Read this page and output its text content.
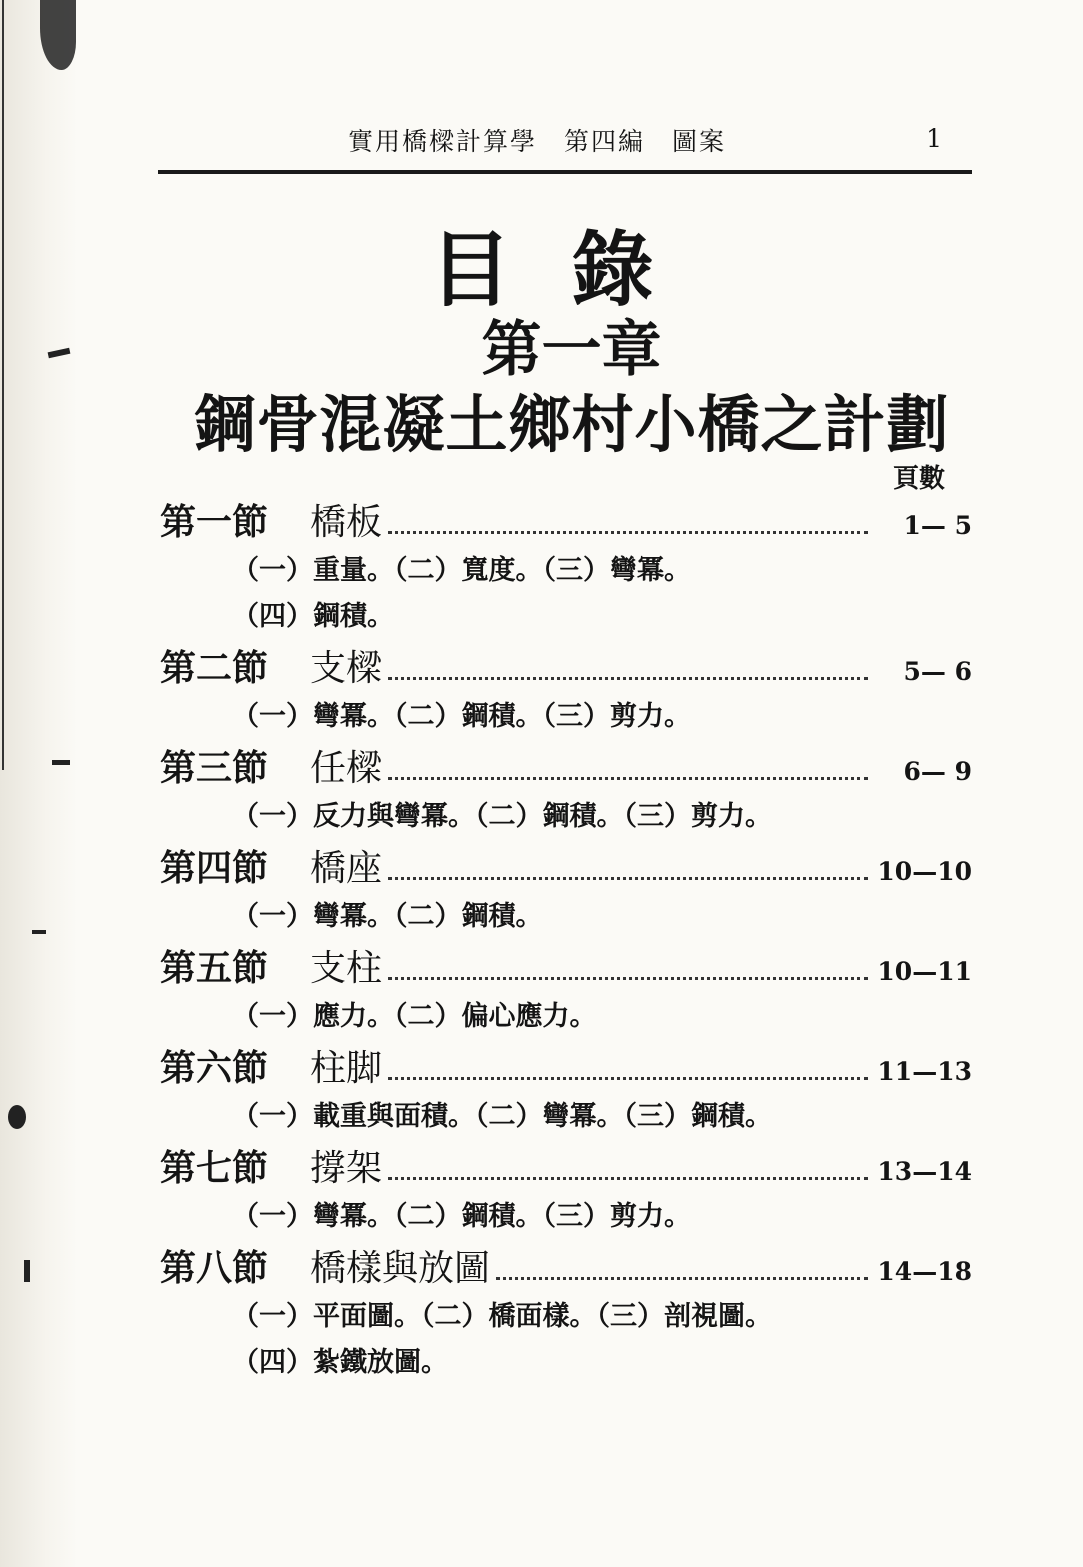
實用橋樑計算學　第四編　圖案	1
目錄
第一章
鋼骨混凝土鄉村小橋之計劃
頁數
第一節 橋板	1— 5
（一）重量。（二）寬度。（三）彎冪。
（四）鋼積。
第二節 支樑	5— 6
（一）彎冪。（二）鋼積。（三）剪力。
第三節 任樑	6— 9
（一）反力與彎冪。（二）鋼積。（三）剪力。
第四節 橋座	10—10
（一）彎冪。（二）鋼積。
第五節 支柱	10—11
（一）應力。（二）偏心應力。
第六節 柱脚	11—13
（一）載重與面積。（二）彎冪。（三）鋼積。
第七節 撐架	13—14
（一）彎冪。（二）鋼積。（三）剪力。
第八節 橋樣與放圖	14—18
（一）平面圖。（二）橋面樣。（三）剖視圖。
（四）紮鐵放圖。
